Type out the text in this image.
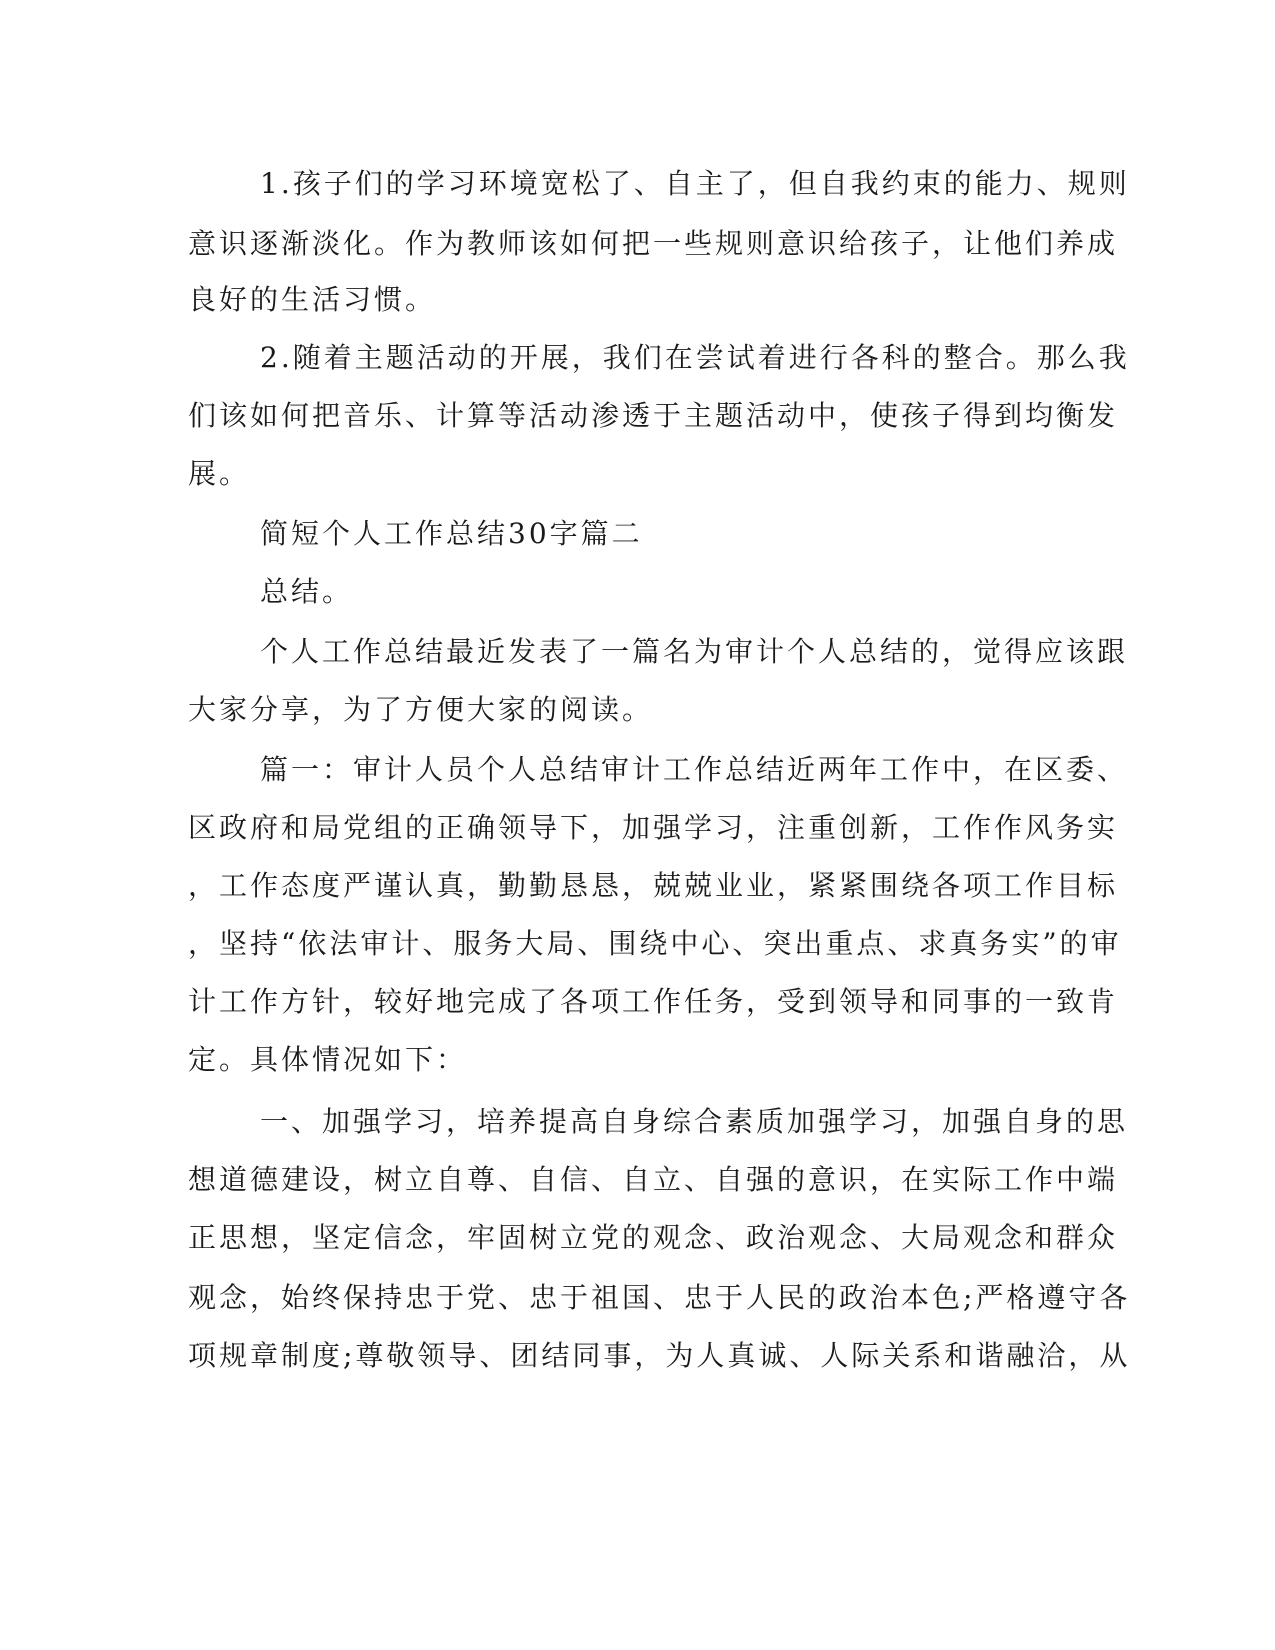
1.孩子们的学习环境宽松了、自主了，但自我约束的能力、规则
意识逐渐淡化。作为教师该如何把一些规则意识给孩子，让他们养成
良好的生活习惯。
2.随着主题活动的开展，我们在尝试着进行各科的整合。那么我
们该如何把音乐、计算等活动渗透于主题活动中，使孩子得到均衡发
展。
简短个人工作总结30字篇二
总结。
个人工作总结最近发表了一篇名为审计个人总结的，觉得应该跟
大家分享，为了方便大家的阅读。
篇一：审计人员个人总结审计工作总结近两年工作中，在区委、
区政府和局党组的正确领导下，加强学习，注重创新，工作作风务实
，工作态度严谨认真，勤勤恳恳，兢兢业业，紧紧围绕各项工作目标
，坚持“依法审计、服务大局、围绕中心、突出重点、求真务实”的审
计工作方针，较好地完成了各项工作任务，受到领导和同事的一致肯
定。具体情况如下：
一、加强学习，培养提高自身综合素质加强学习，加强自身的思
想道德建设，树立自尊、自信、自立、自强的意识，在实际工作中端
正思想，坚定信念，牢固树立党的观念、政治观念、大局观念和群众
观念，始终保持忠于党、忠于祖国、忠于人民的政治本色;严格遵守各
项规章制度;尊敬领导、团结同事，为人真诚、人际关系和谐融洽，从
